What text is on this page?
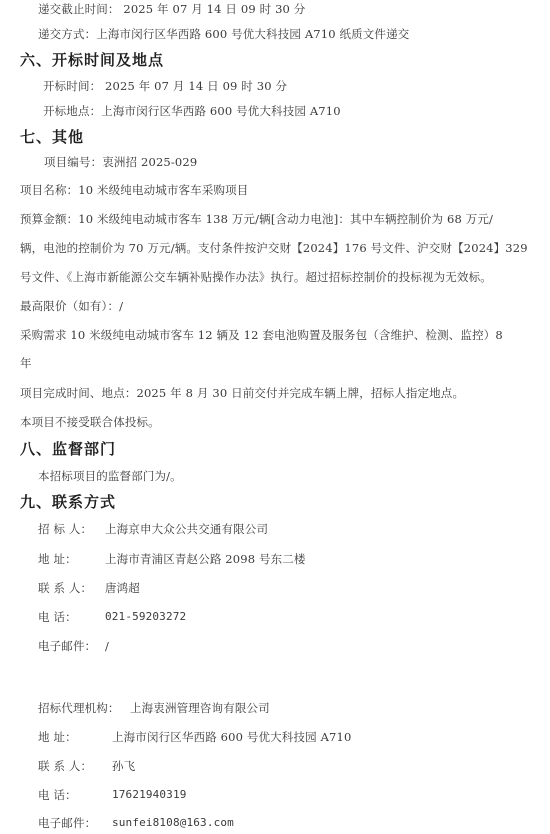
递交截止时间： 2025 年 07 月 14 日 09 时 30 分
递交方式：上海市闵行区华西路 600 号优大科技园 A710 纸质文件递交
六、开标时间及地点
开标时间： 2025 年 07 月 14 日 09 时 30 分
开标地点：上海市闵行区华西路 600 号优大科技园 A710
七、其他
项目编号：衷洲招 2025-029
项目名称：10 米级纯电动城市客车采购项目
预算金额：10 米级纯电动城市客车 138 万元/辆[含动力电池]：其中车辆控制价为 68 万元/
辆，电池的控制价为 70 万元/辆。支付条件按沪交财【2024】176 号文件、沪交财【2024】329
号文件、《上海市新能源公交车辆补贴操作办法》执行。超过招标控制价的投标视为无效标。
最高限价（如有）：/
采购需求 10 米级纯电动城市客车 12 辆及 12 套电池购置及服务包（含维护、检测、监控）8
年
项目完成时间、地点：2025 年 8 月 30 日前交付并完成车辆上牌，招标人指定地点。
本项目不接受联合体投标。
八、监督部门
本招标项目的监督部门为/。
九、联系方式
招 标 人： 上海京申大众公共交通有限公司
地 址： 上海市青浦区青赵公路 2098 号东二楼
联 系 人： 唐鸿超
电 话：	021-59203272
电子邮件： /
招标代理机构： 上海衷洲管理咨询有限公司
地 址：	上海市闵行区华西路 600 号优大科技园 A710
联 系 人： 孙飞
电 话：	17621940319
电子邮件： sunfei8108@163.com
